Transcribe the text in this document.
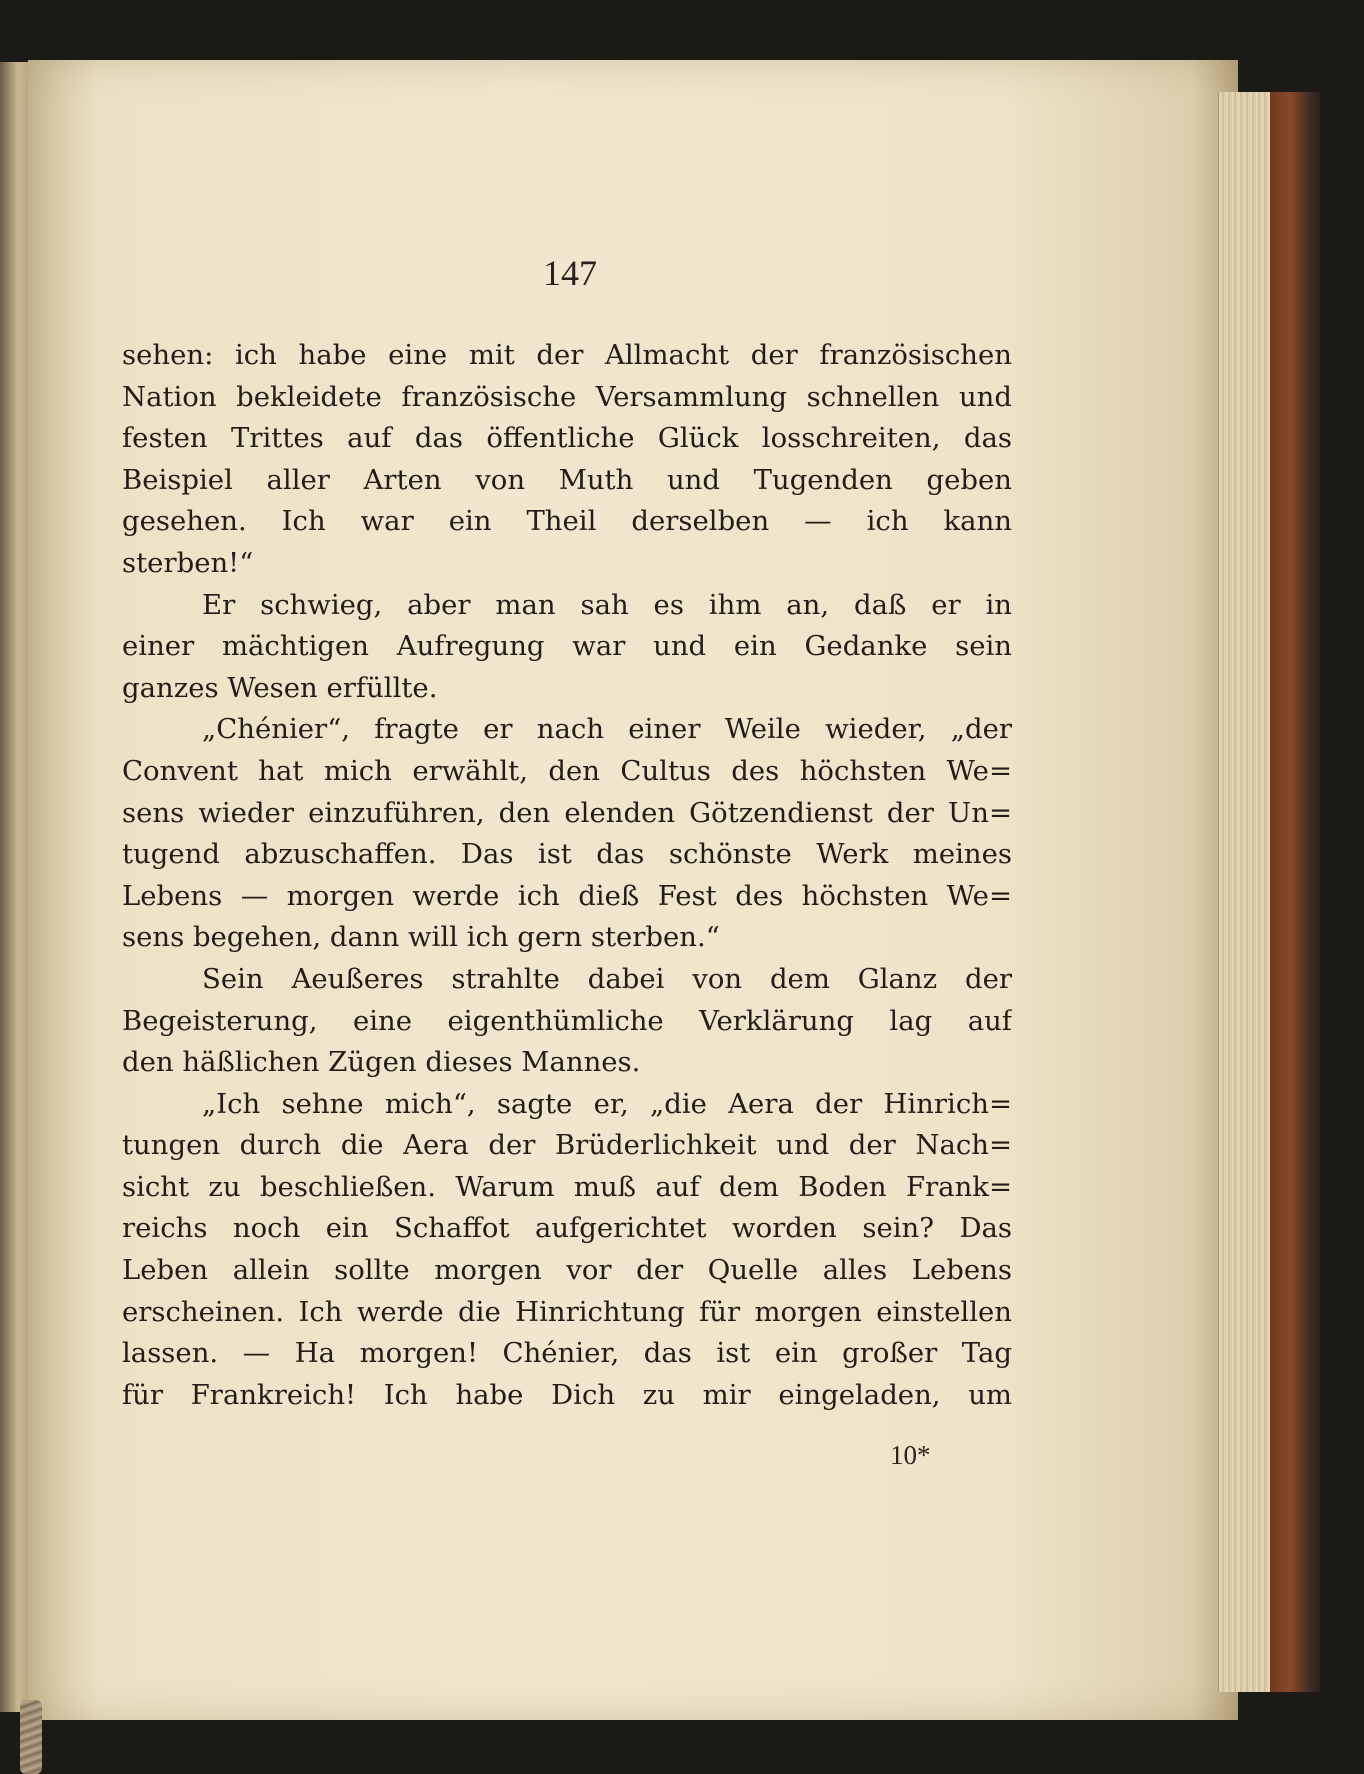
147
sehen: ich habe eine mit der Allmacht der französischen
Nation bekleidete französische Versammlung schnellen und
festen Trittes auf das öffentliche Glück losschreiten, das
Beispiel aller Arten von Muth und Tugenden geben
gesehen. Ich war ein Theil derselben — ich kann
sterben!“
Er schwieg, aber man sah es ihm an, daß er in
einer mächtigen Aufregung war und ein Gedanke sein
ganzes Wesen erfüllte.
„Chénier“, fragte er nach einer Weile wieder, „der
Convent hat mich erwählt, den Cultus des höchsten We=
sens wieder einzuführen, den elenden Götzendienst der Un=
tugend abzuschaffen. Das ist das schönste Werk meines
Lebens — morgen werde ich dieß Fest des höchsten We=
sens begehen, dann will ich gern sterben.“
Sein Aeußeres strahlte dabei von dem Glanz der
Begeisterung, eine eigenthümliche Verklärung lag auf
den häßlichen Zügen dieses Mannes.
„Ich sehne mich“, sagte er, „die Aera der Hinrich=
tungen durch die Aera der Brüderlichkeit und der Nach=
sicht zu beschließen. Warum muß auf dem Boden Frank=
reichs noch ein Schaffot aufgerichtet worden sein? Das
Leben allein sollte morgen vor der Quelle alles Lebens
erscheinen. Ich werde die Hinrichtung für morgen einstellen
lassen. — Ha morgen! Chénier, das ist ein großer Tag
für Frankreich! Ich habe Dich zu mir eingeladen, um
10*
